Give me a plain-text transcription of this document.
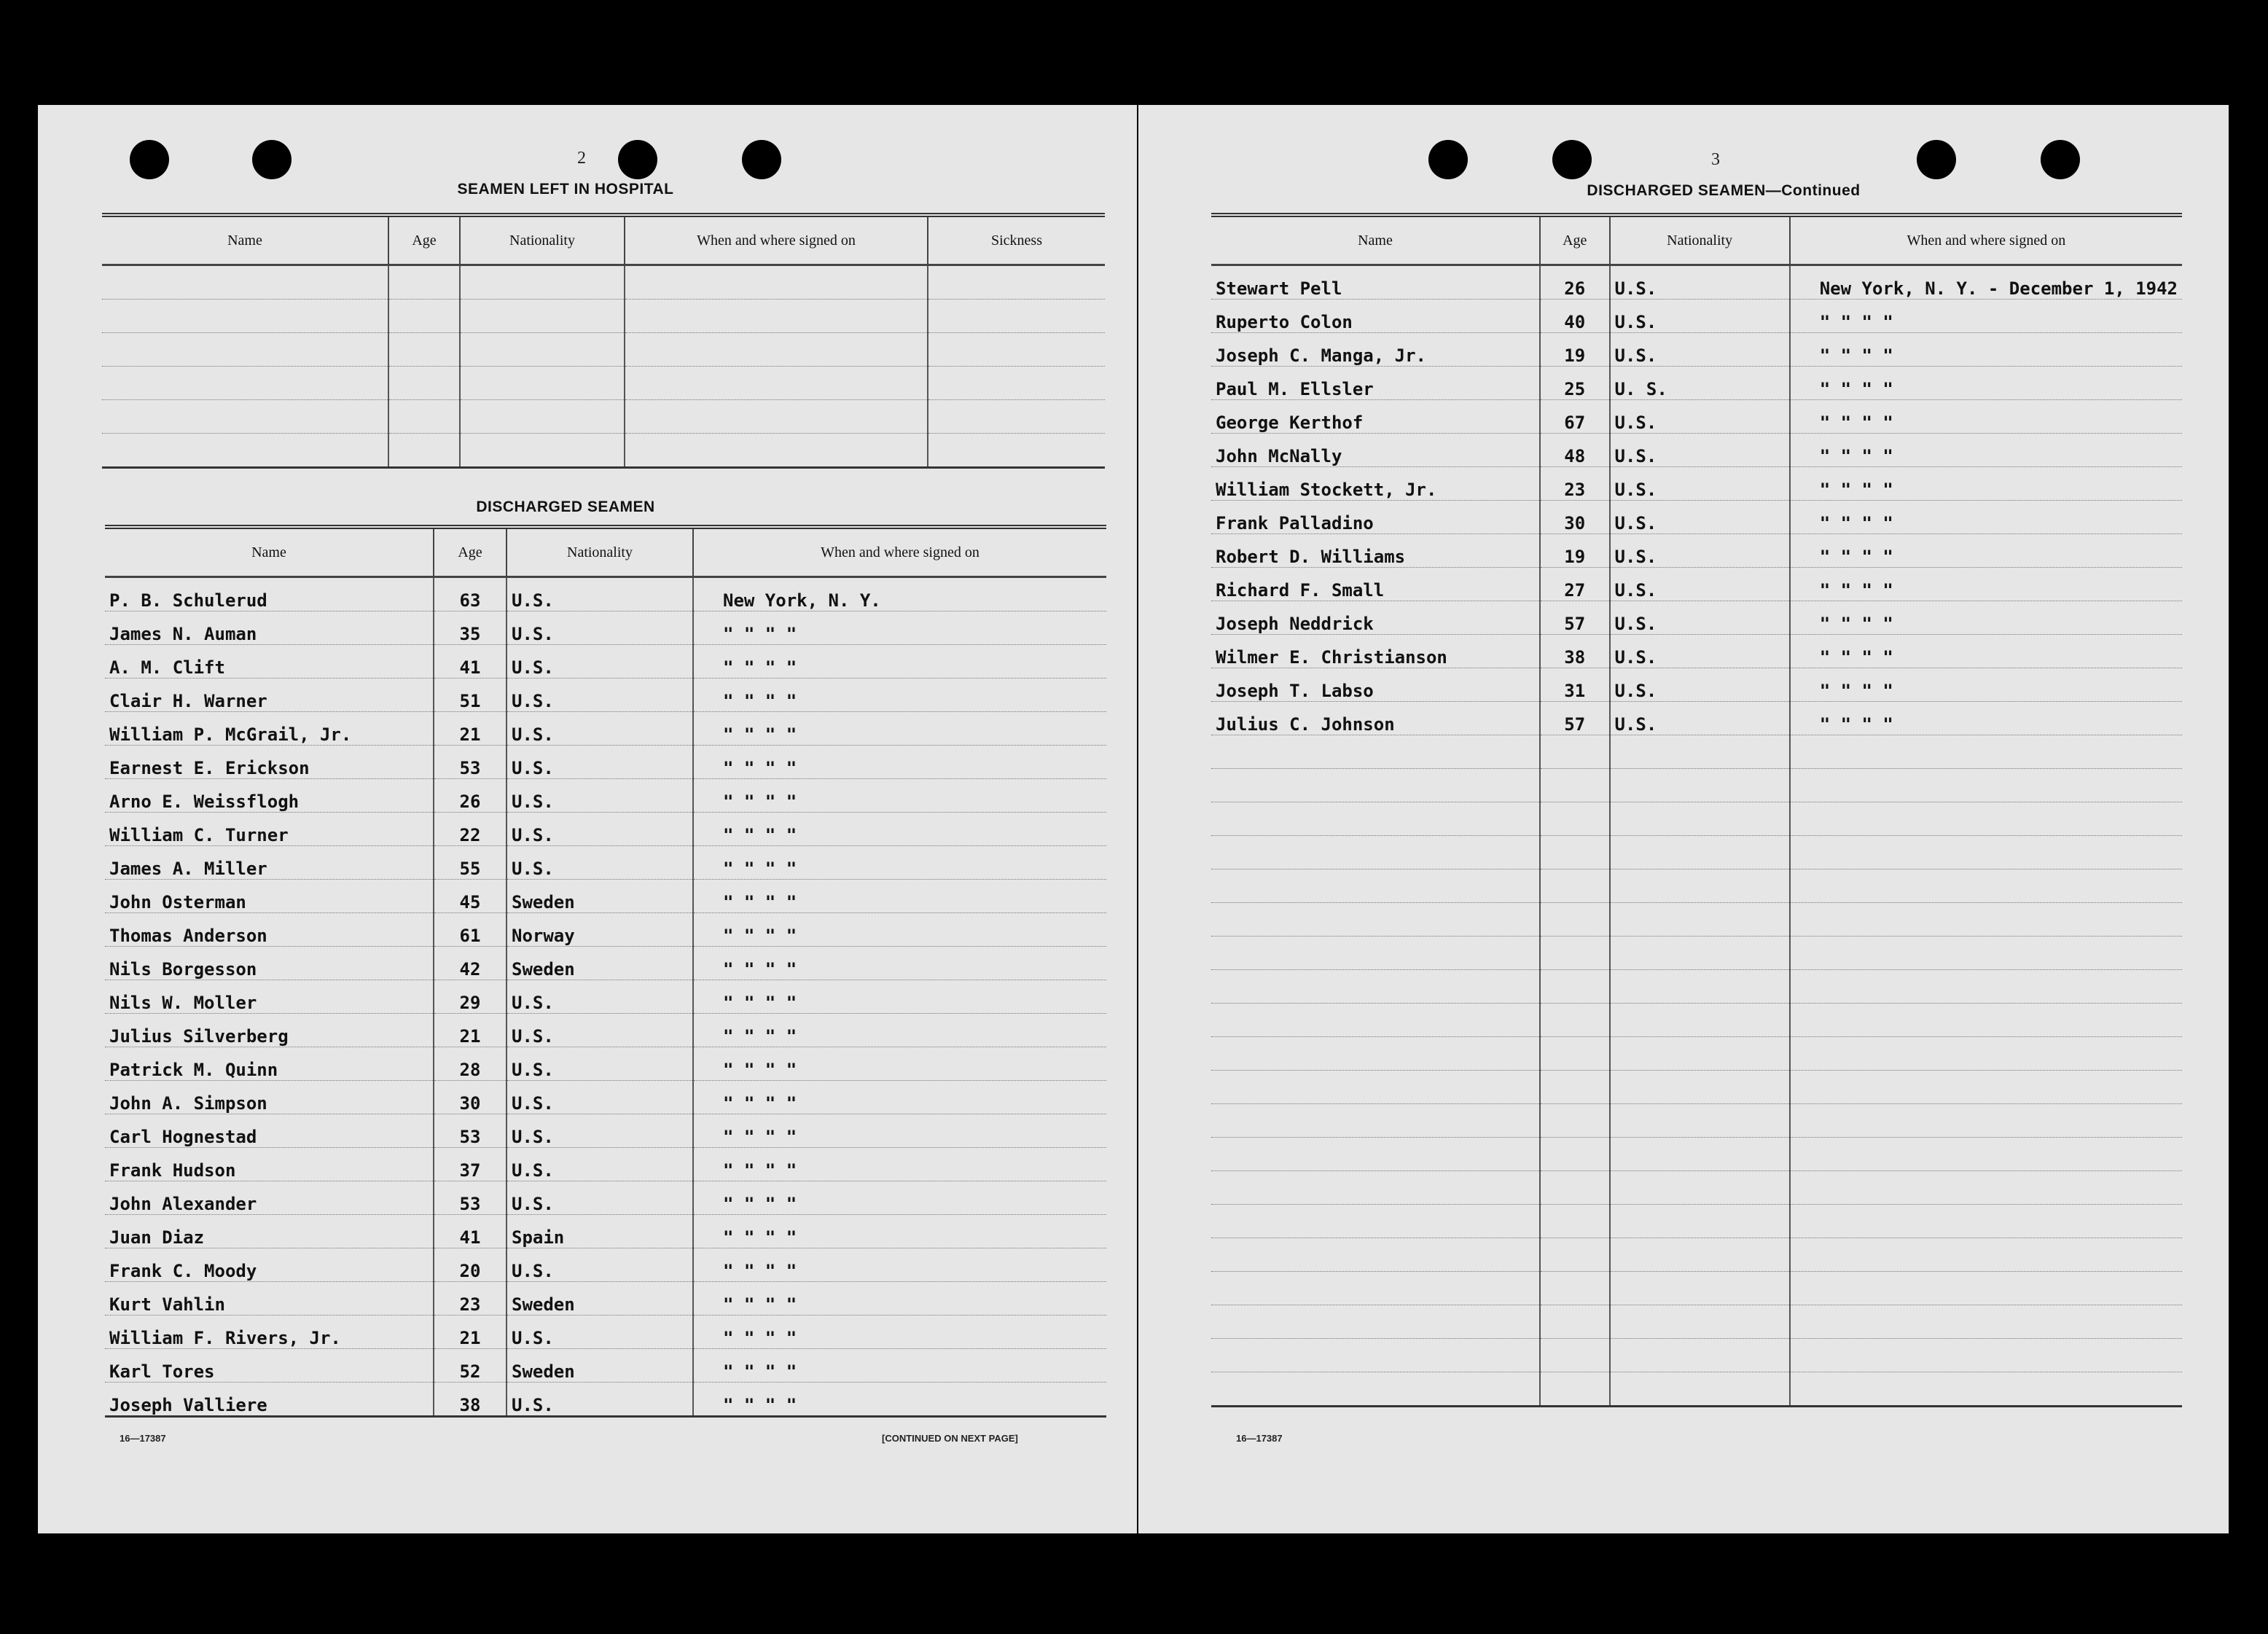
2
SEAMEN LEFT IN HOSPITAL
Name	Age	Nationality	When and where signed on	Sickness

DISCHARGED SEAMEN
Name	Age	Nationality	When and where signed on
P. B. Schulerud	63	U.S.	New York, N. Y.
James N. Auman	35	U.S.	" " " "
A. M. Clift	41	U.S.	" " " "
Clair H. Warner	51	U.S.	" " " "
William P. McGrail, Jr.	21	U.S.	" " " "
Earnest E. Erickson	53	U.S.	" " " "
Arno E. Weissflogh	26	U.S.	" " " "
William C. Turner	22	U.S.	" " " "
James A. Miller	55	U.S.	" " " "
John Osterman	45	Sweden	" " " "
Thomas Anderson	61	Norway	" " " "
Nils Borgesson	42	Sweden	" " " "
Nils W. Moller	29	U.S.	" " " "
Julius Silverberg	21	U.S.	" " " "
Patrick M. Quinn	28	U.S.	" " " "
John A. Simpson	30	U.S.	" " " "
Carl Hognestad	53	U.S.	" " " "
Frank Hudson	37	U.S.	" " " "
John Alexander	53	U.S.	" " " "
Juan Diaz	41	Spain	" " " "
Frank C. Moody	20	U.S.	" " " "
Kurt Vahlin	23	Sweden	" " " "
William F. Rivers, Jr.	21	U.S.	" " " "
Karl Tores	52	Sweden	" " " "
Joseph Valliere	38	U.S.	" " " "
16—17387	[CONTINUED ON NEXT PAGE]
3
DISCHARGED SEAMEN—Continued
Name	Age	Nationality	When and where signed on
Stewart Pell	26	U.S.	New York, N. Y. - December 1, 1942
Ruperto Colon	40	U.S.	" " " "
Joseph C. Manga, Jr.	19	U.S.	" " " "
Paul M. Ellsler	25	U. S.	" " " "
George Kerthof	67	U.S.	" " " "
John McNally	48	U.S.	" " " "
William Stockett, Jr.	23	U.S.	" " " "
Frank Palladino	30	U.S.	" " " "
Robert D. Williams	19	U.S.	" " " "
Richard F. Small	27	U.S.	" " " "
Joseph Neddrick	57	U.S.	" " " "
Wilmer E. Christianson	38	U.S.	" " " "
Joseph T. Labso	31	U.S.	" " " "
Julius C. Johnson	57	U.S.	" " " "

16—17387
